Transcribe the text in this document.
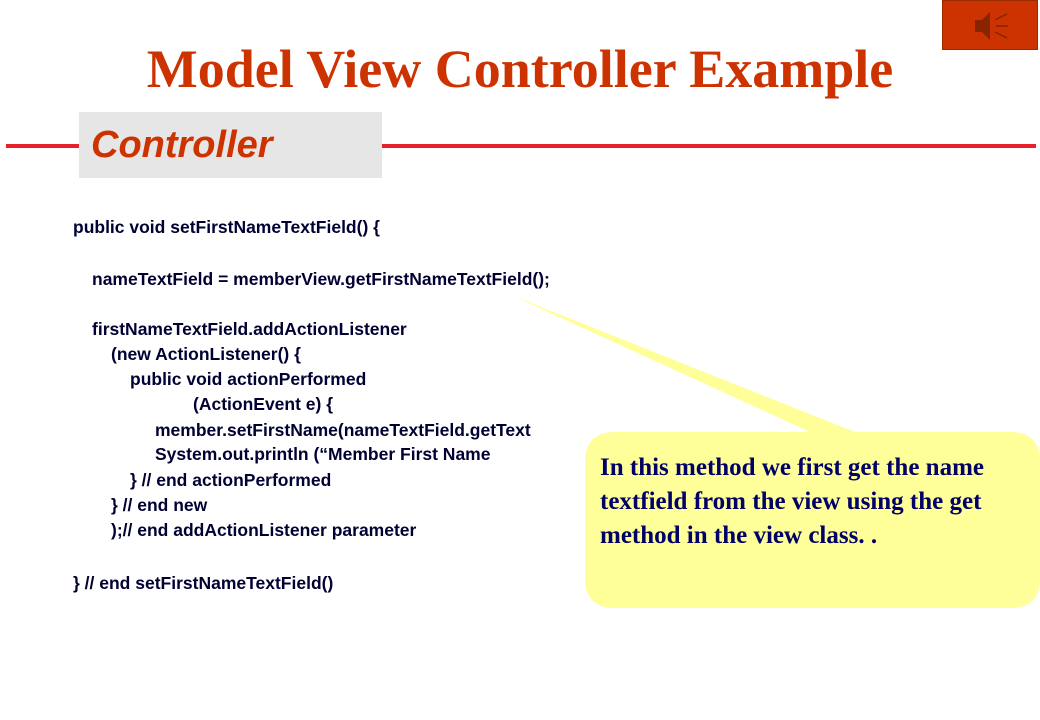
Model View Controller Example
Controller
public void setFirstNameTextField() {
nameTextField = memberView.getFirstNameTextField();
firstNameTextField.addActionListener
(new ActionListener() {
public void actionPerformed
(ActionEvent e) {
member.setFirstName(nameTextField.getText
System.out.println (“Member First Name
} // end actionPerformed
} // end new
);// end addActionListener parameter
} // end setFirstNameTextField()
In this method we first get the name textfield from the view using the get method in the view class. .
